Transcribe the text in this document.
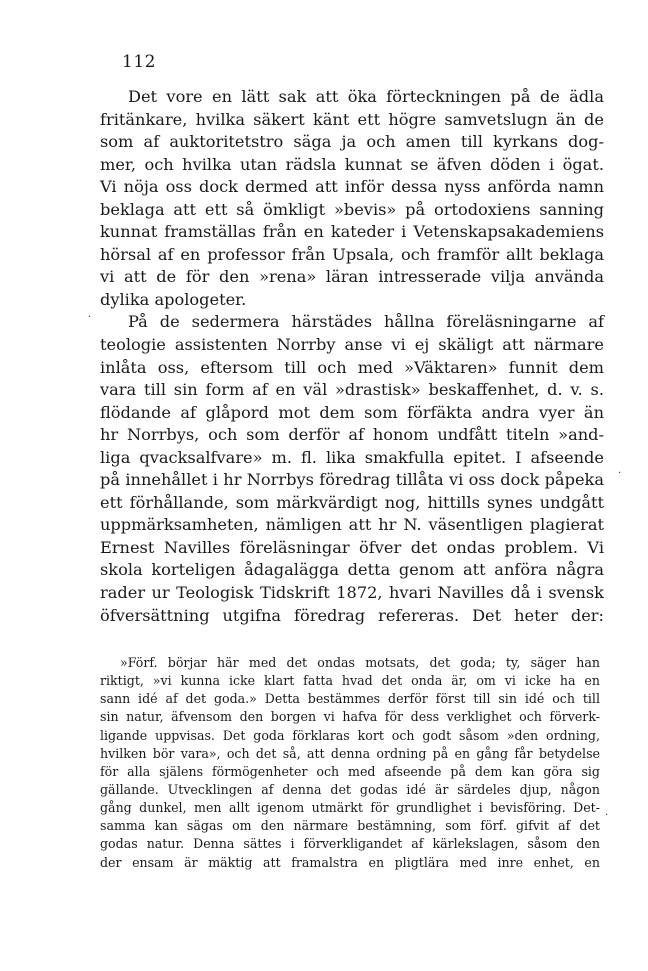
112
Det vore en lätt sak att öka förteckningen på de ädla
fritänkare, hvilka säkert känt ett högre samvetslugn än de
som af auktoritetstro säga ja och amen till kyrkans dog-
mer, och hvilka utan rädsla kunnat se äfven döden i ögat.
Vi nöja oss dock dermed att inför dessa nyss anförda namn
beklaga att ett så ömkligt »bevis» på ortodoxiens sanning
kunnat framställas från en kateder i Vetenskapsakademiens
hörsal af en professor från Upsala, och framför allt beklaga
vi att de för den »rena» läran intresserade vilja använda
dylika apologeter.
På de sedermera härstädes hållna föreläsningarne af
teologie assistenten Norrby anse vi ej skäligt att närmare
inlåta oss, eftersom till och med »Väktaren» funnit dem
vara till sin form af en väl »drastisk» beskaffenhet, d. v. s.
flödande af glåpord mot dem som förfäkta andra vyer än
hr Norrbys, och som derför af honom undfått titeln »and-
liga qvacksalfvare» m. fl. lika smakfulla epitet. I afseende
på innehållet i hr Norrbys föredrag tillåta vi oss dock påpeka
ett förhållande, som märkvärdigt nog, hittills synes undgått
uppmärksamheten, nämligen att hr N. väsentligen plagierat
Ernest Navilles föreläsningar öfver det ondas problem. Vi
skola korteligen ådagalägga detta genom att anföra några
rader ur Teologisk Tidskrift 1872, hvari Navilles då i svensk
öfversättning utgifna föredrag refereras. Det heter der:
»Förf. börjar här med det ondas motsats, det goda; ty, säger han
riktigt, »vi kunna icke klart fatta hvad det onda är, om vi icke ha en
sann idé af det goda.» Detta bestämmes derför först till sin idé och till
sin natur, äfvensom den borgen vi hafva för dess verklighet och förverk-
ligande uppvisas. Det goda förklaras kort och godt såsom »den ordning,
hvilken bör vara», och det så, att denna ordning på en gång får betydelse
för alla själens förmögenheter och med afseende på dem kan göra sig
gällande. Utvecklingen af denna det godas idé är särdeles djup, någon
gång dunkel, men allt igenom utmärkt för grundlighet i bevisföring. Det-
samma kan sägas om den närmare bestämning, som förf. gifvit af det
godas natur. Denna sättes i förverkligandet af kärlekslagen, såsom den
der ensam är mäktig att framalstra en pligtlära med inre enhet, en
·
·
·
